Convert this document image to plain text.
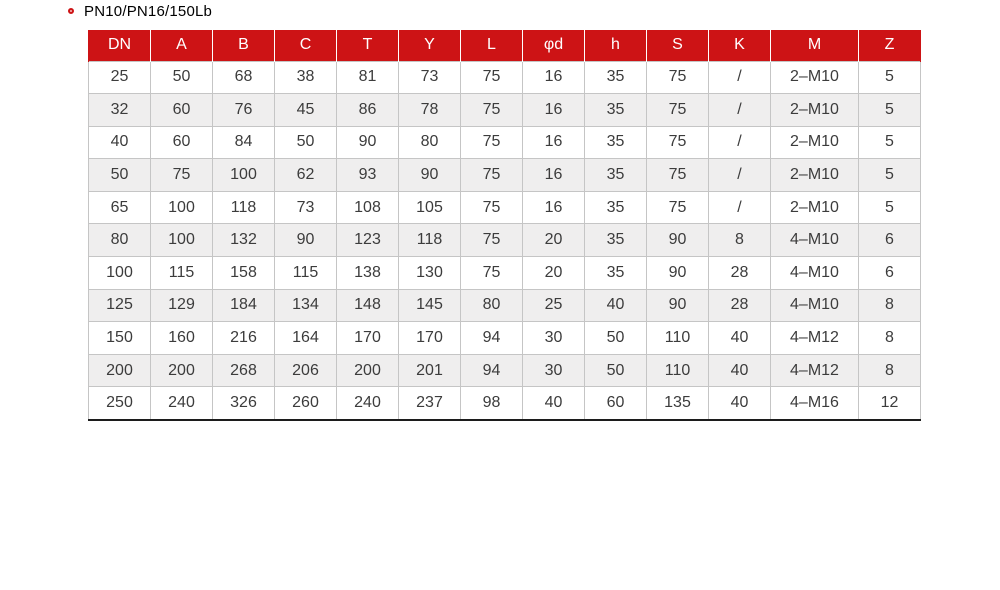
PN10/PN16/150Lb
DN	A	B	C	T	Y	L	φd	h	S	K	M	Z
25	50	68	38	81	73	75	16	35	75	/	2–M10	5
32	60	76	45	86	78	75	16	35	75	/	2–M10	5
40	60	84	50	90	80	75	16	35	75	/	2–M10	5
50	75	100	62	93	90	75	16	35	75	/	2–M10	5
65	100	118	73	108	105	75	16	35	75	/	2–M10	5
80	100	132	90	123	118	75	20	35	90	8	4–M10	6
100	115	158	115	138	130	75	20	35	90	28	4–M10	6
125	129	184	134	148	145	80	25	40	90	28	4–M10	8
150	160	216	164	170	170	94	30	50	110	40	4–M12	8
200	200	268	206	200	201	94	30	50	110	40	4–M12	8
250	240	326	260	240	237	98	40	60	135	40	4–M16	12
